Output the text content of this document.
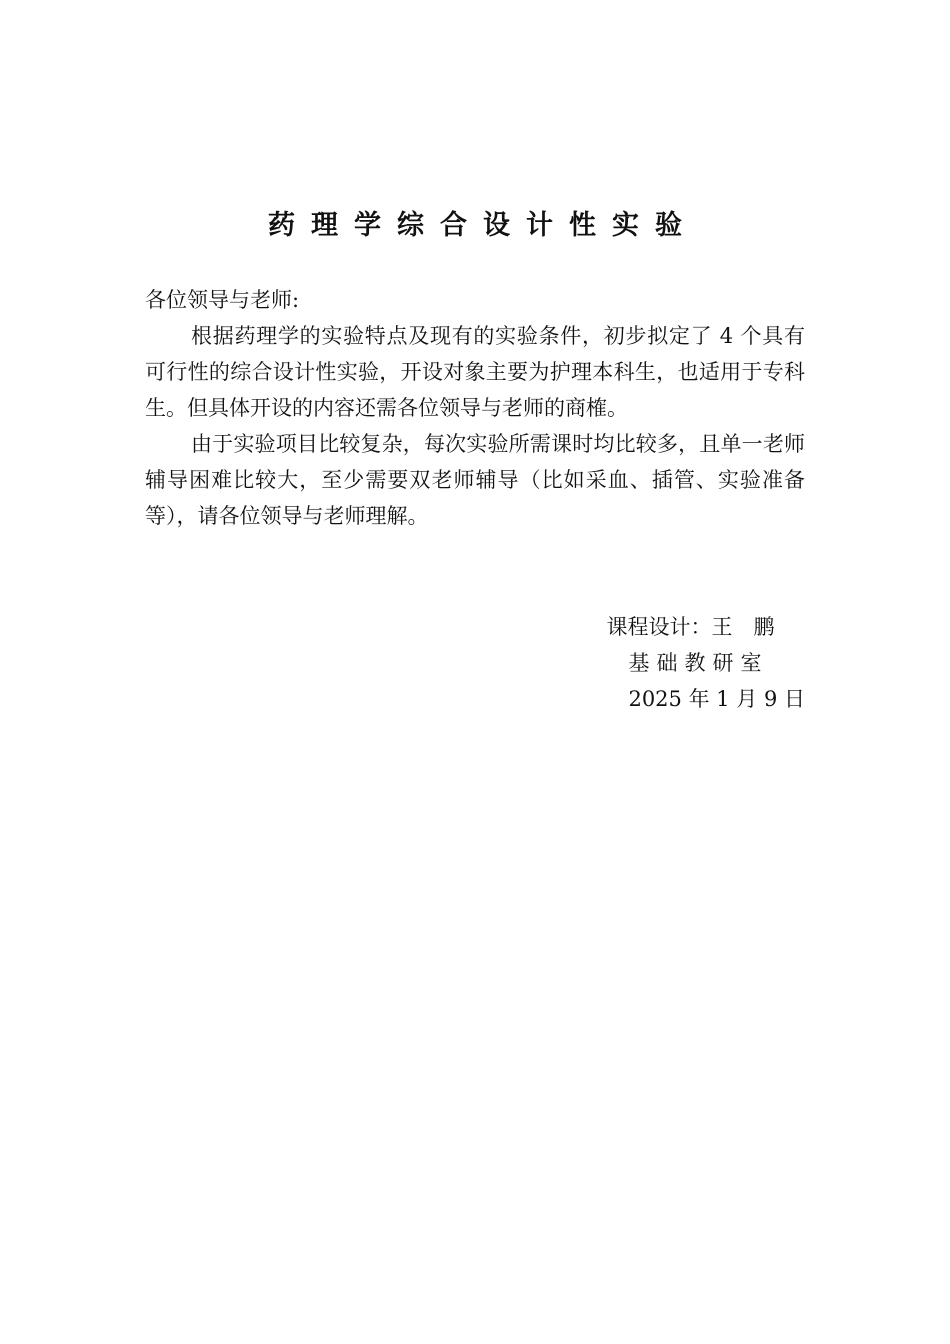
药理学综合设计性实验

各位领导与老师:

根据药理学的实验特点及现有的实验条件，初步拟定了 4 个具有可行性的综合设计性实验，开设对象主要为护理本科生，也适用于专科生。但具体开设的内容还需各位领导与老师的商榷。

由于实验项目比较复杂，每次实验所需课时均比较多，且单一老师辅导困难比较大，至少需要双老师辅导（比如采血、插管、实验准备等），请各位领导与老师理解。

课程设计：王　鹏
基础教研室
2025 年 1 月 9 日
